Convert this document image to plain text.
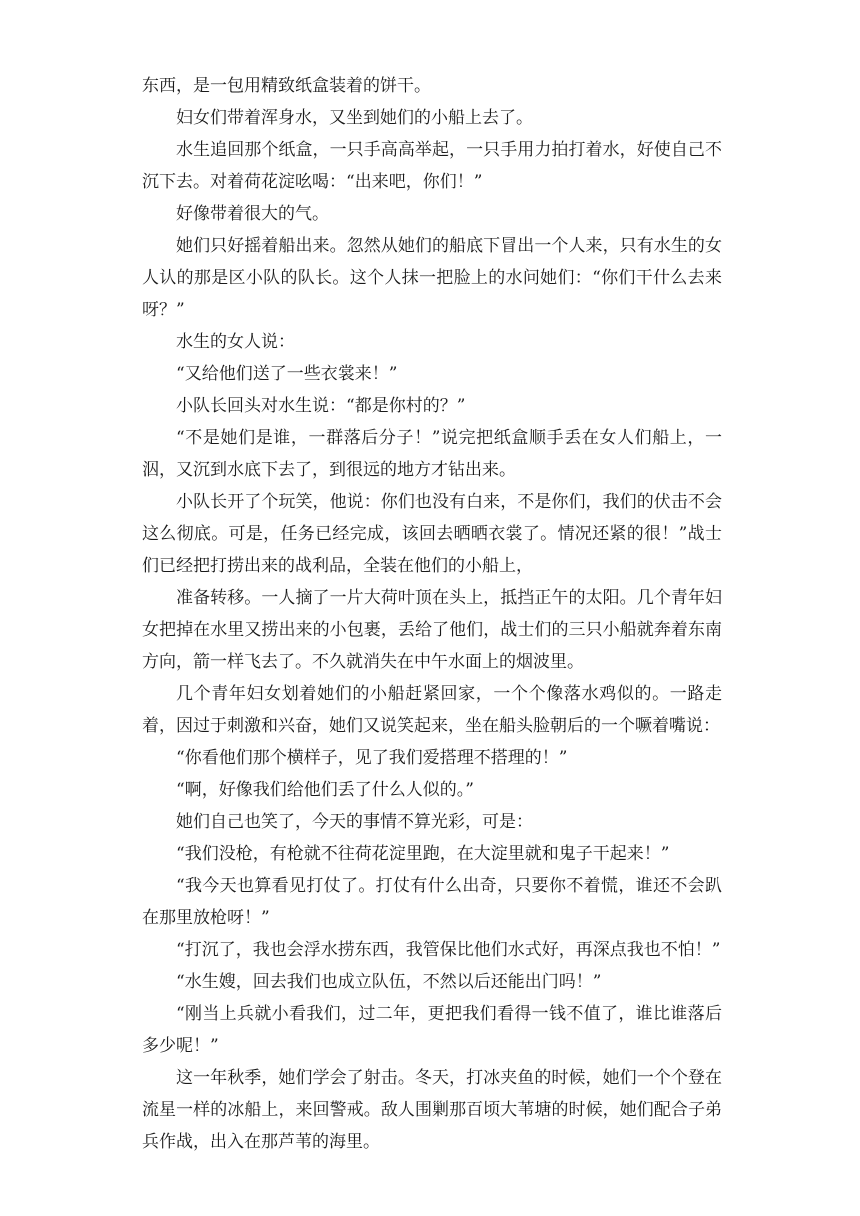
东西，是一包用精致纸盒装着的饼干。

妇女们带着浑身水，又坐到她们的小船上去了。

水生追回那个纸盒，一只手高高举起，一只手用力拍打着水，好使自己不沉下去。对着荷花淀吆喝：“出来吧，你们！”

好像带着很大的气。

她们只好摇着船出来。忽然从她们的船底下冒出一个人来，只有水生的女人认的那是区小队的队长。这个人抹一把脸上的水问她们：“你们干什么去来呀？”

水生的女人说：

“又给他们送了一些衣裳来！”

小队长回头对水生说：“都是你村的？”

“不是她们是谁，一群落后分子！”说完把纸盒顺手丢在女人们船上，一泅，又沉到水底下去了，到很远的地方才钻出来。

小队长开了个玩笑，他说：你们也没有白来，不是你们，我们的伏击不会这么彻底。可是，任务已经完成，该回去晒晒衣裳了。情况还紧的很！”战士们已经把打捞出来的战利品，全装在他们的小船上，

准备转移。一人摘了一片大荷叶顶在头上，抵挡正午的太阳。几个青年妇女把掉在水里又捞出来的小包裹，丢给了他们，战士们的三只小船就奔着东南方向，箭一样飞去了。不久就消失在中午水面上的烟波里。

几个青年妇女划着她们的小船赶紧回家，一个个像落水鸡似的。一路走着，因过于刺激和兴奋，她们又说笑起来，坐在船头脸朝后的一个噘着嘴说：

“你看他们那个横样子，见了我们爱搭理不搭理的！”

“啊，好像我们给他们丢了什么人似的。”

她们自己也笑了，今天的事情不算光彩，可是：

“我们没枪，有枪就不往荷花淀里跑，在大淀里就和鬼子干起来！”

“我今天也算看见打仗了。打仗有什么出奇，只要你不着慌，谁还不会趴在那里放枪呀！”

“打沉了，我也会浮水捞东西，我管保比他们水式好，再深点我也不怕！”

“水生嫂，回去我们也成立队伍，不然以后还能出门吗！”

“刚当上兵就小看我们，过二年，更把我们看得一钱不值了，谁比谁落后多少呢！”

这一年秋季，她们学会了射击。冬天，打冰夹鱼的时候，她们一个个登在流星一样的冰船上，来回警戒。敌人围剿那百顷大苇塘的时候，她们配合子弟兵作战，出入在那芦苇的海里。
